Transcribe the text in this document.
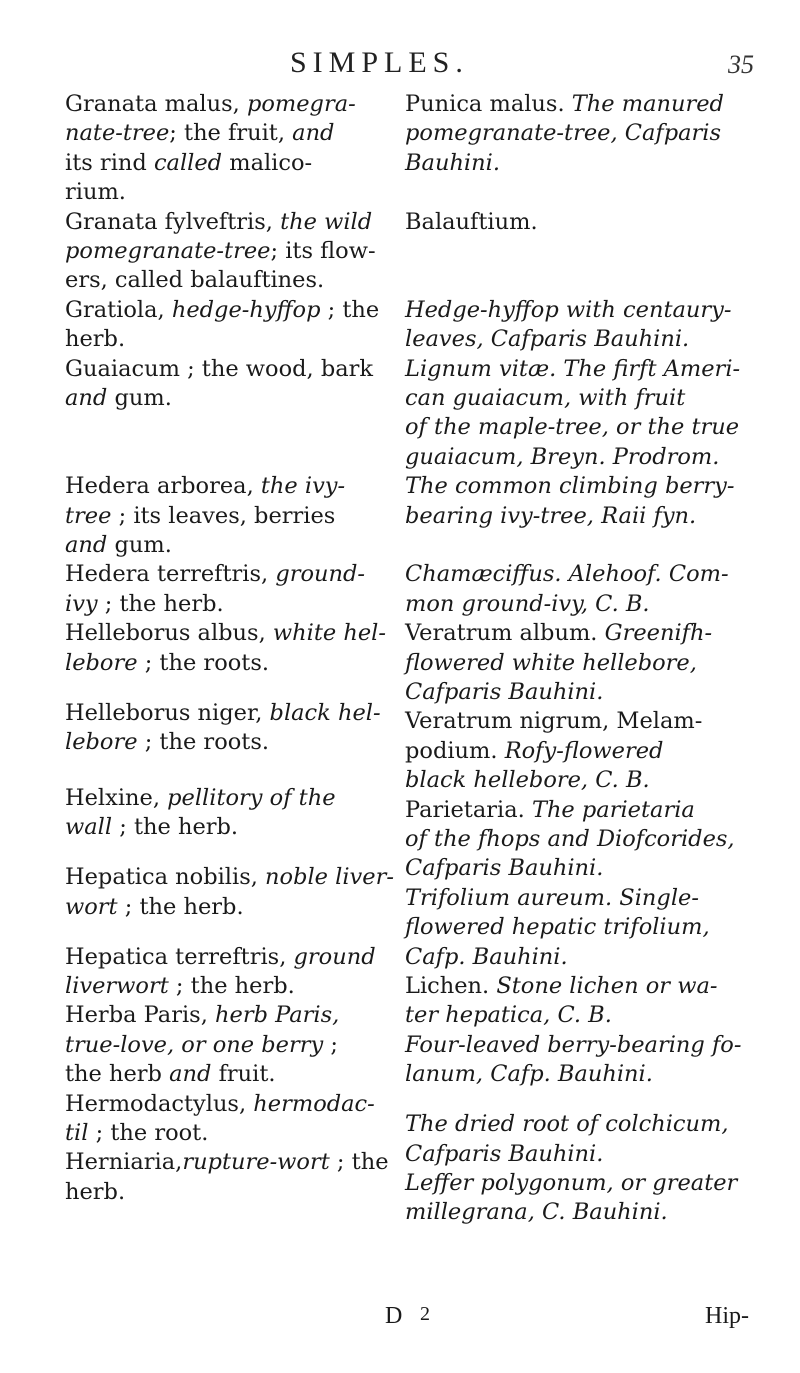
SIMPLES.	35
Granata malus, pomegra-
nate-tree; the fruit, and
its rind called malico-
rium.
Granata fylveftris, the wild
pomegranate-tree; its flow-
ers, called balauftines.
Gratiola, hedge-hyffop ; the
herb.
Guaiacum ; the wood, bark
and gum.
Hedera arborea, the ivy-
tree ; its leaves, berries
and gum.
Hedera terreftris, ground-
ivy ; the herb.
Helleborus albus, white hel-
lebore ; the roots.
Helleborus niger, black hel-
lebore ; the roots.
Helxine, pellitory of the
wall ; the herb.
Hepatica nobilis, noble liver-
wort ; the herb.
Hepatica terreftris, ground
liverwort ; the herb.
Herba Paris, herb Paris,
true-love, or one berry ;
the herb and fruit.
Hermodactylus, hermodac-
til ; the root.
Herniaria,rupture-wort ; the
herb.
Punica malus. The manured
pomegranate-tree, Cafparis
Bauhini.
Balauftium.
Hedge-hyffop with centaury-
leaves, Cafparis Bauhini.
Lignum vitæ. The firft Ameri-
can guaiacum, with fruit
of the maple-tree, or the true
guaiacum, Breyn. Prodrom.
The common climbing berry-
bearing ivy-tree, Raii fyn.
Chamæciffus. Alehoof. Com-
mon ground-ivy, C. B.
Veratrum album. Greenifh-
flowered white hellebore,
Cafparis Bauhini.
Veratrum nigrum, Melam-
podium. Rofy-flowered
black hellebore, C. B.
Parietaria. The parietaria
of the fhops and Diofcorides,
Cafparis Bauhini.
Trifolium aureum. Single-
flowered hepatic trifolium,
Cafp. Bauhini.
Lichen. Stone lichen or wa-
ter hepatica, C. B.
Four-leaved berry-bearing fo-
lanum, Cafp. Bauhini.
The dried root of colchicum,
Cafparis Bauhini.
Leffer polygonum, or greater
millegrana, C. Bauhini.
D 2	Hip-
